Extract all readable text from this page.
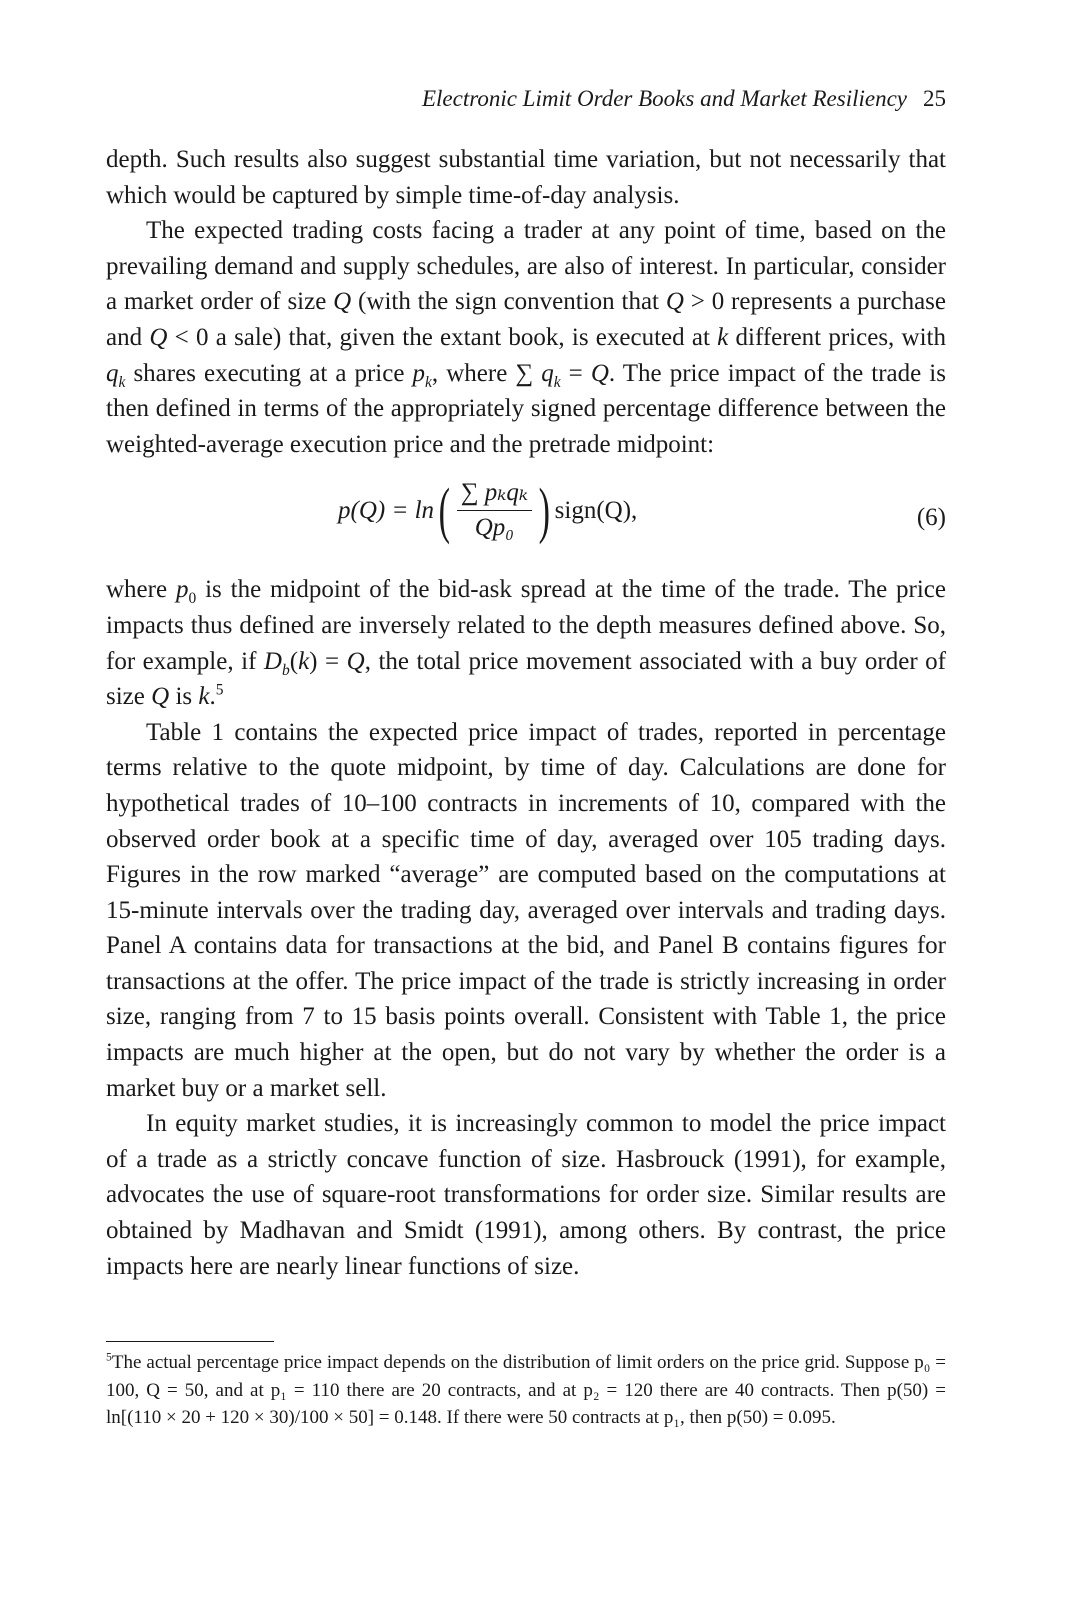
Electronic Limit Order Books and Market Resiliency 25

depth. Such results also suggest substantial time variation, but not necessarily that which would be captured by simple time-of-day analysis.

The expected trading costs facing a trader at any point of time, based on the prevailing demand and supply schedules, are also of interest. In particular, consider a market order of size Q (with the sign convention that Q > 0 represents a purchase and Q < 0 a sale) that, given the extant book, is executed at k different prices, with $q_k$ shares executing at a price $p_k$, where ∑ $q_k = Q$. The price impact of the trade is then defined in terms of the appropriately signed percentage difference between the weighted-average execution price and the pretrade midpoint:

p(Q) = ln ( $\frac{\text{∑ pₖqₖ}}{\text{Qp₀}}$ ) sign(Q),	(6)

where $p_0$ is the midpoint of the bid-ask spread at the time of the trade. The price impacts thus defined are inversely related to the depth measures defined above. So, for example, if $D_b(k) = Q$, the total price movement associated with a buy order of size Q is k.$^5$

Table 1 contains the expected price impact of trades, reported in percentage terms relative to the quote midpoint, by time of day. Calculations are done for hypothetical trades of 10–100 contracts in increments of 10, compared with the observed order book at a specific time of day, averaged over 105 trading days. Figures in the row marked “average” are computed based on the computations at 15-minute intervals over the trading day, averaged over intervals and trading days. Panel A contains data for transactions at the bid, and Panel B contains figures for transactions at the offer. The price impact of the trade is strictly increasing in order size, ranging from 7 to 15 basis points overall. Consistent with Table 1, the price impacts are much higher at the open, but do not vary by whether the order is a market buy or a market sell.

In equity market studies, it is increasingly common to model the price impact of a trade as a strictly concave function of size. Hasbrouck (1991), for example, advocates the use of square-root transformations for order size. Similar results are obtained by Madhavan and Smidt (1991), among others. By contrast, the price impacts here are nearly linear functions of size.

$^5$The actual percentage price impact depends on the distribution of limit orders on the price grid. Suppose p₀ = 100, Q = 50, and at p₁ = 110 there are 20 contracts, and at p₂ = 120 there are 40 contracts. Then p(50) = ln[(110 × 20 + 120 × 30)/100 × 50] = 0.148. If there were 50 contracts at p₁, then p(50) = 0.095.
